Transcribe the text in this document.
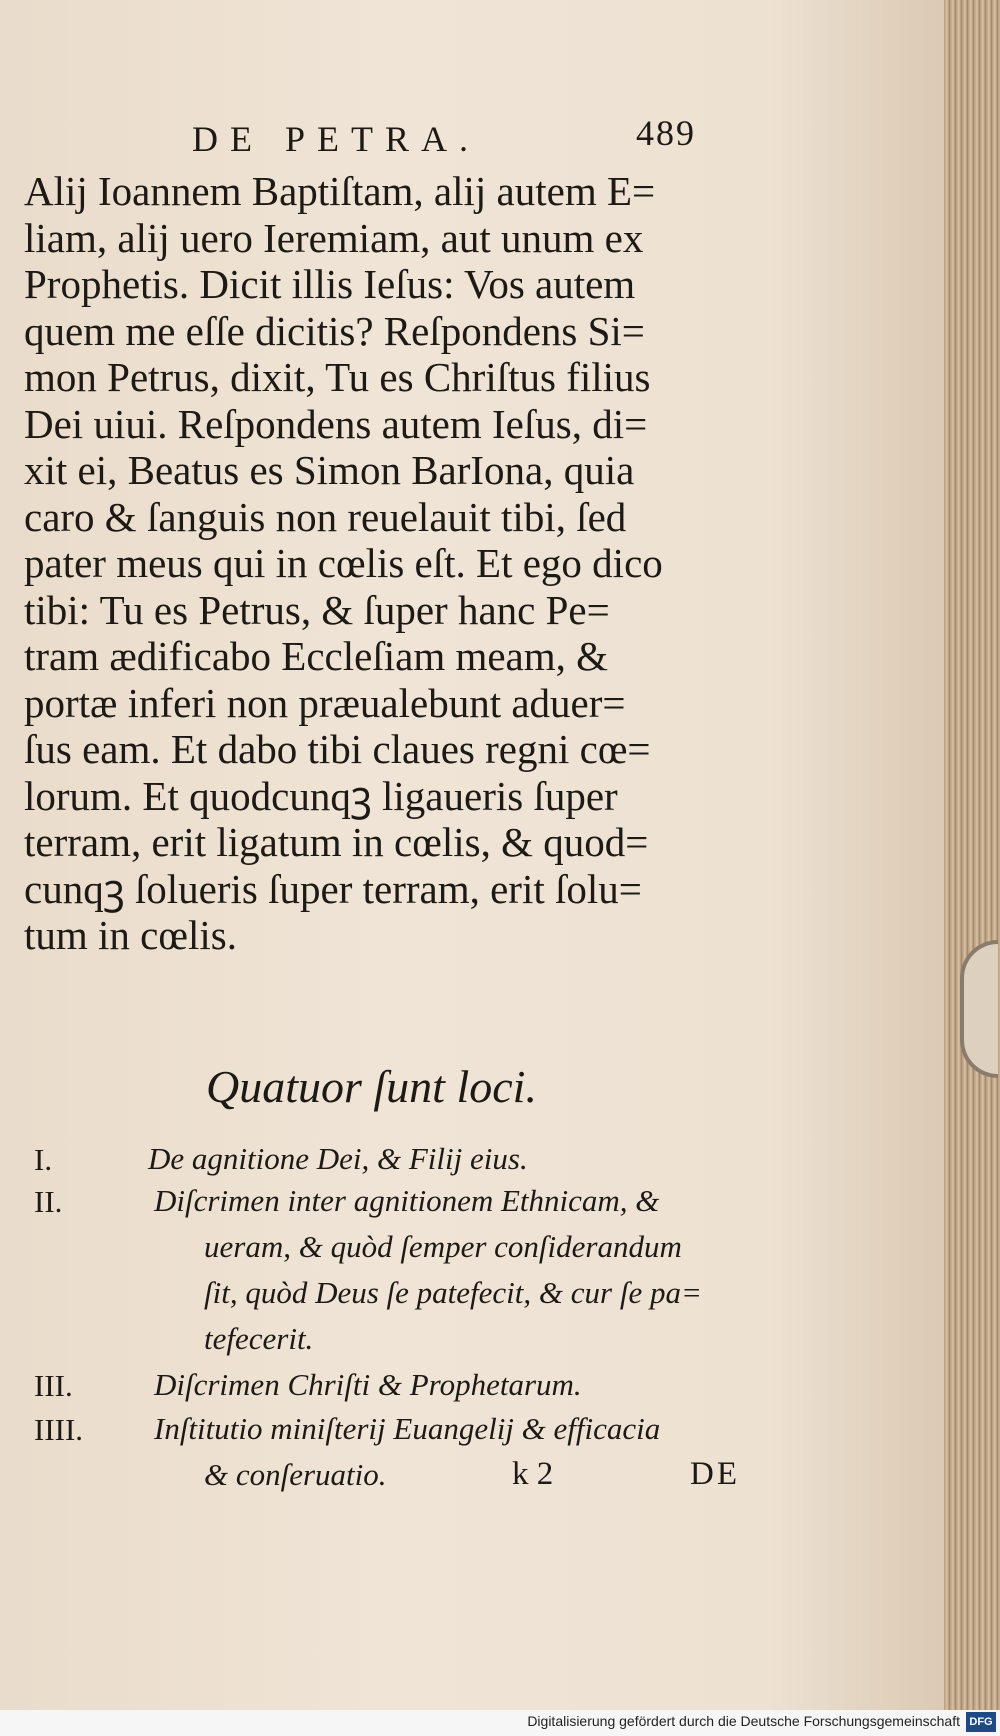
DE PETRA.	489
Alij Ioannem Baptiſtam, alij autem E=
liam, alij uero Ieremiam, aut unum ex
Prophetis. Dicit illis Ieſus: Vos autem
quem me eſſe dicitis? Reſpondens Si=
mon Petrus, dixit, Tu es Chriſtus filius
Dei uiui. Reſpondens autem Ieſus, di=
xit ei, Beatus es Simon BarIona, quia
caro & ſanguis non reuelauit tibi, ſed
pater meus qui in cœlis eſt. Et ego dico
tibi: Tu es Petrus, & ſuper hanc Pe=
tram ædificabo Eccleſiam meam, &
portæ inferi non præualebunt aduer=
ſus eam. Et dabo tibi claues regni cœ=
lorum. Et quodcunqꝫ ligaueris ſuper
terram, erit ligatum in cœlis, & quod=
cunqꝫ ſolueris ſuper terram, erit ſolu=
tum in cœlis.
Quatuor ſunt loci.
I.	De agnitione Dei, & Filij eius.
II.	Diſcrimen inter agnitionem Ethnicam, &
ueram, & quòd ſemper conſiderandum
ſit, quòd Deus ſe patefecit, & cur ſe pa=
tefecerit.
III.	Diſcrimen Chriſti & Prophetarum.
IIII. Inſtitutio miniſterij Euangelij & efficacia
& conſeruatio.	k 2	DE
Digitalisierung gefördert durch die Deutsche Forschungsgemeinschaft DFG
